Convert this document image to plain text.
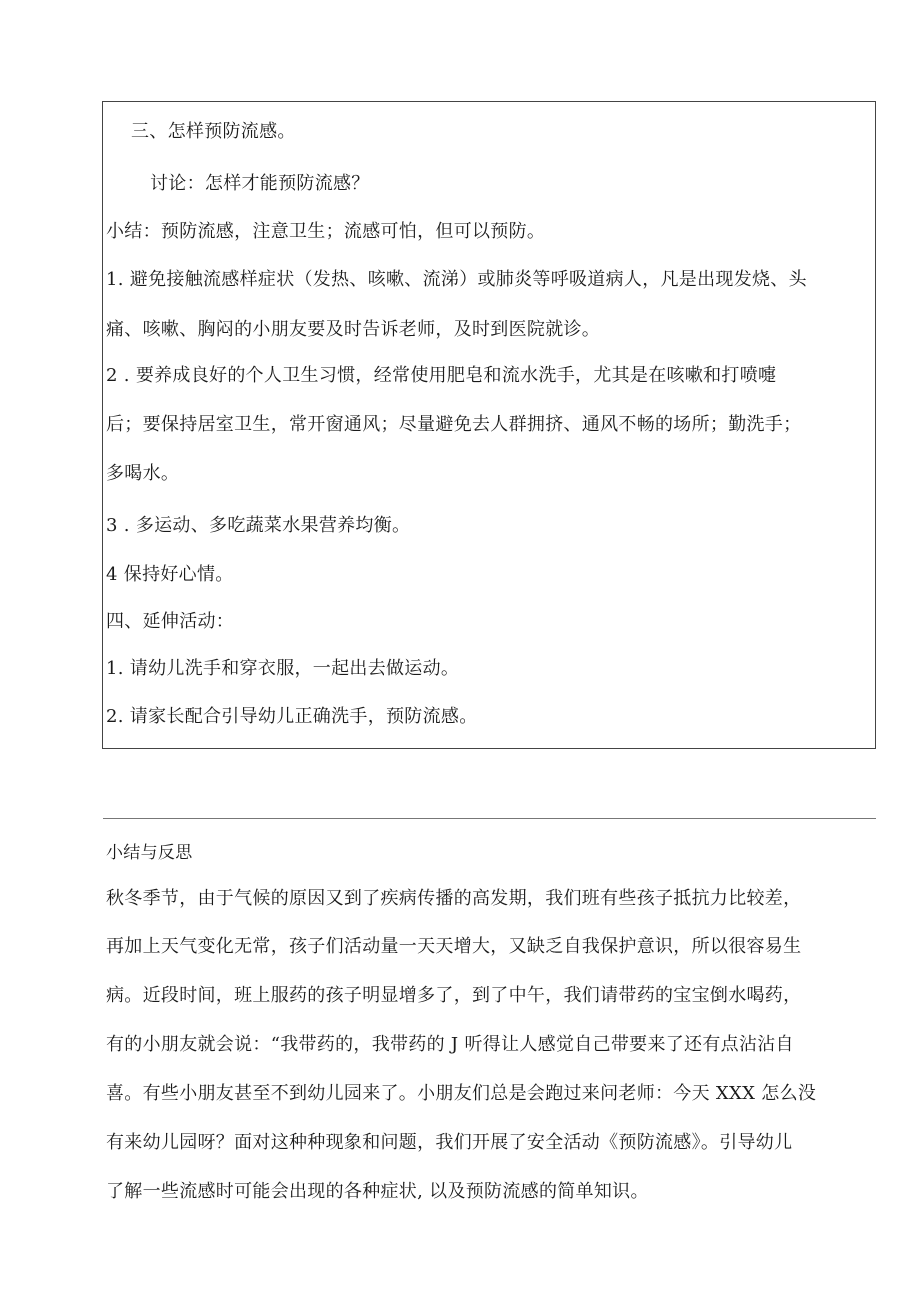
三、怎样预防流感。
讨论：怎样才能预防流感？
小结：预防流感，注意卫生；流感可怕，但可以预防。
1. 避免接触流感样症状（发热、咳嗽、流涕）或肺炎等呼吸道病人，凡是出现发烧、头
痛、咳嗽、胸闷的小朋友要及时告诉老师，及时到医院就诊。
2 . 要养成良好的个人卫生习惯，经常使用肥皂和流水洗手，尤其是在咳嗽和打喷嚏
后；要保持居室卫生，常开窗通风；尽量避免去人群拥挤、通风不畅的场所；勤洗手；
多喝水。
3 . 多运动、多吃蔬菜水果营养均衡。
4 保持好心情。
四、延伸活动：
1. 请幼儿洗手和穿衣服，一起出去做运动。
2. 请家长配合引导幼儿正确洗手，预防流感。
小结与反思
秋冬季节，由于气候的原因又到了疾病传播的高发期，我们班有些孩子抵抗力比较差，
再加上天气变化无常，孩子们活动量一天天增大，又缺乏自我保护意识，所以很容易生
病。近段时间，班上服药的孩子明显增多了，到了中午，我们请带药的宝宝倒水喝药，
有的小朋友就会说：“我带药的，我带药的 J 听得让人感觉自己带要来了还有点沾沾自
喜。有些小朋友甚至不到幼儿园来了。小朋友们总是会跑过来问老师：今天 XXX 怎么没
有来幼儿园呀？面对这种种现象和问题，我们开展了安全活动《预防流感》。引导幼儿
了解一些流感时可能会出现的各种症状, 以及预防流感的简单知识。
